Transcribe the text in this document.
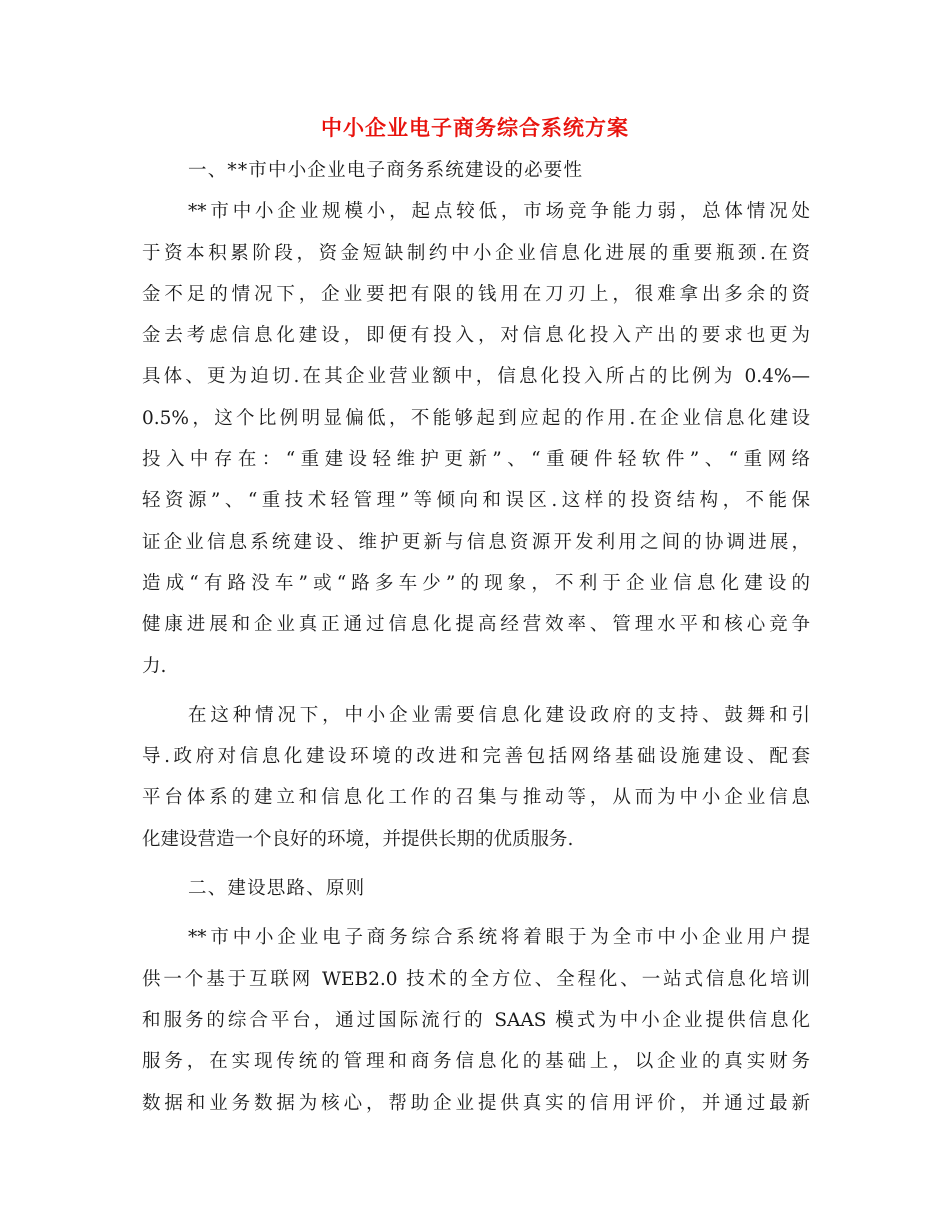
中小企业电子商务综合系统方案
一、**市中小企业电子商务系统建设的必要性
**市中小企业规模小，起点较低，市场竞争能力弱，总体情况处
于资本积累阶段，资金短缺制约中小企业信息化进展的重要瓶颈.在资
金不足的情况下，企业要把有限的钱用在刀刃上，很难拿出多余的资
金去考虑信息化建设，即便有投入，对信息化投入产出的要求也更为
具体、更为迫切.在其企业营业额中，信息化投入所占的比例为 0.4%—
0.5%，这个比例明显偏低，不能够起到应起的作用.在企业信息化建设
投入中存在：“重建设轻维护更新”、“重硬件轻软件”、“重网络
轻资源”、“重技术轻管理”等倾向和误区.这样的投资结构，不能保
证企业信息系统建设、维护更新与信息资源开发利用之间的协调进展，
造成“有路没车”或“路多车少”的现象，不利于企业信息化建设的
健康进展和企业真正通过信息化提高经营效率、管理水平和核心竞争
力.
在这种情况下，中小企业需要信息化建设政府的支持、鼓舞和引
导.政府对信息化建设环境的改进和完善包括网络基础设施建设、配套
平台体系的建立和信息化工作的召集与推动等，从而为中小企业信息
化建设营造一个良好的环境，并提供长期的优质服务.
二、建设思路、原则
**市中小企业电子商务综合系统将着眼于为全市中小企业用户提
供一个基于互联网 WEB2.0 技术的全方位、全程化、一站式信息化培训
和服务的综合平台，通过国际流行的 SAAS 模式为中小企业提供信息化
服务，在实现传统的管理和商务信息化的基础上，以企业的真实财务
数据和业务数据为核心，帮助企业提供真实的信用评价，并通过最新
